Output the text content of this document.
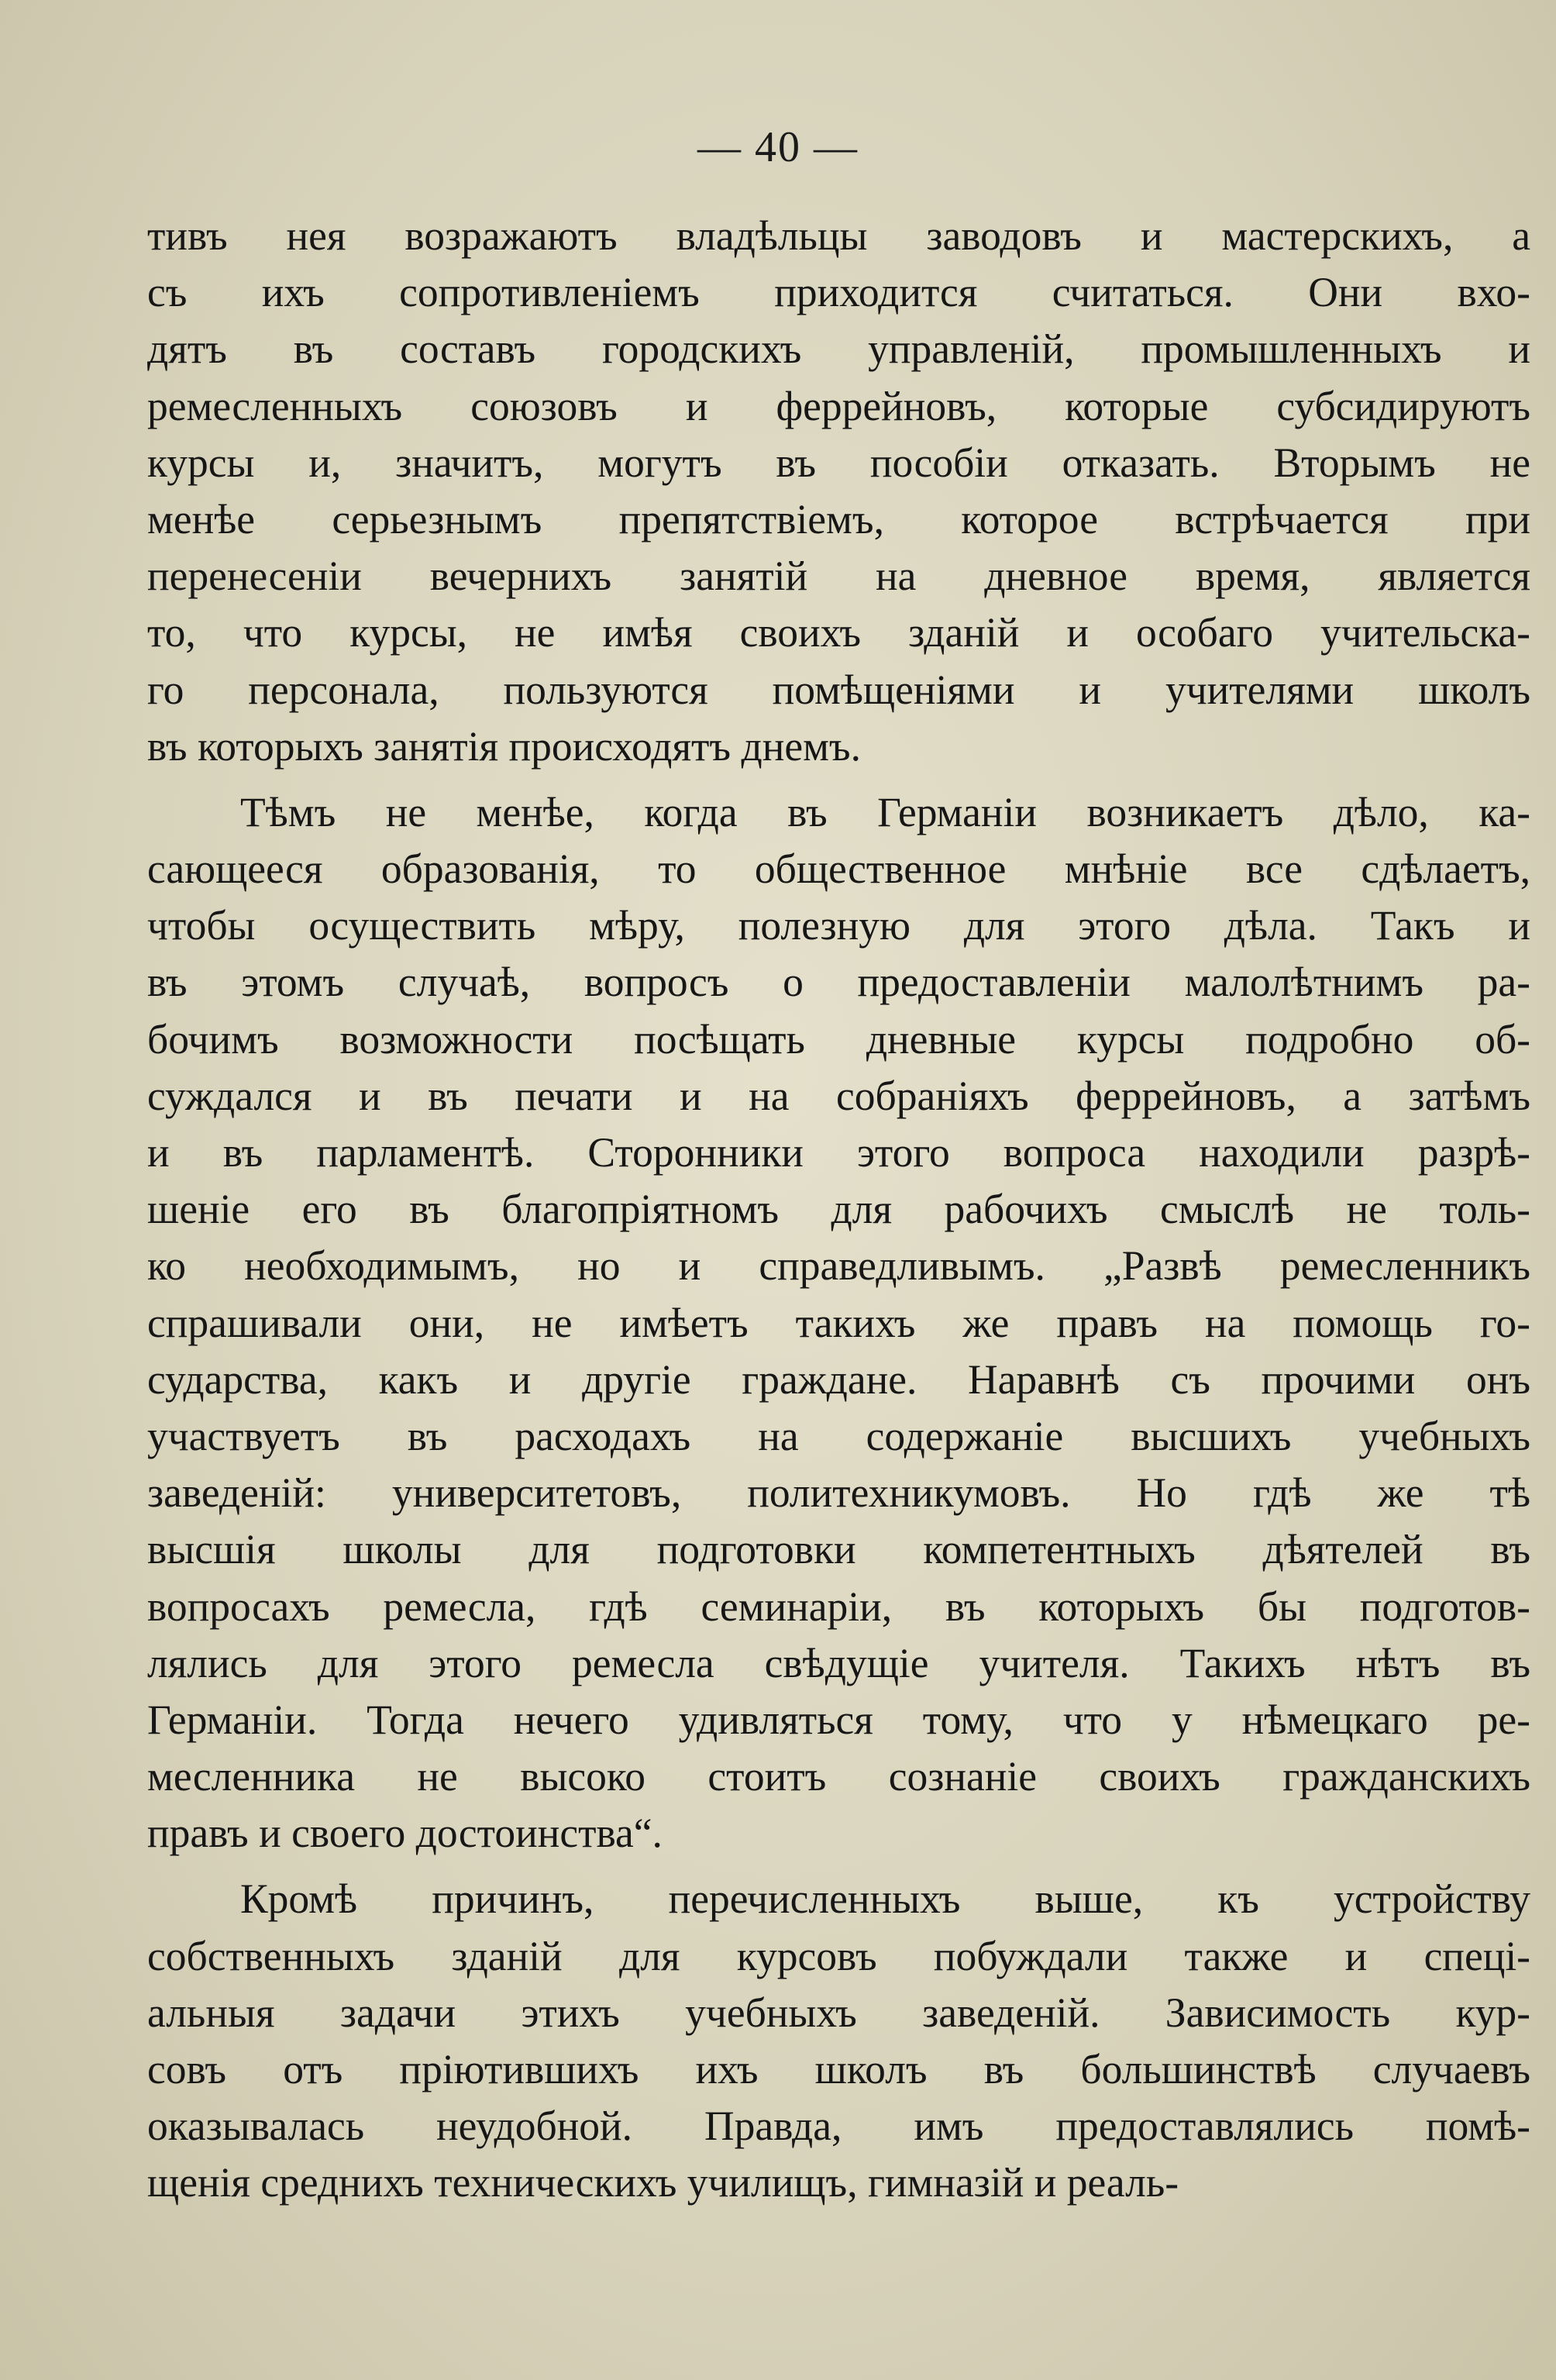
— 40 —
тивъ нея возражаютъ владѣльцы заводовъ и мастерскихъ, а
съ ихъ сопротивленіемъ приходится считаться. Они вхо-
дятъ въ составъ городскихъ управленій, промышленныхъ и
ремесленныхъ союзовъ и феррейновъ, которые субсидируютъ
курсы и, значитъ, могутъ въ пособіи отказать. Вторымъ не
менѣе серьезнымъ препятствіемъ, которое встрѣчается при
перенесеніи вечернихъ занятій на дневное время, является
то, что курсы, не имѣя своихъ зданій и особаго учительска-
го персонала, пользуются помѣщеніями и учителями школъ
въ которыхъ занятія происходятъ днемъ.
Тѣмъ не менѣе, когда въ Германіи возникаетъ дѣло, ка-
сающееся образованія, то общественное мнѣніе все сдѣлаетъ,
чтобы осуществить мѣру, полезную для этого дѣла. Такъ и
въ этомъ случаѣ, вопросъ о предоставленіи малолѣтнимъ ра-
бочимъ возможности посѣщать дневные курсы подробно об-
суждался и въ печати и на собраніяхъ феррейновъ, а затѣмъ
и въ парламентѣ. Сторонники этого вопроса находили разрѣ-
шеніе его въ благопріятномъ для рабочихъ смыслѣ не толь-
ко необходимымъ, но и справедливымъ. „Развѣ ремесленникъ
спрашивали они, не имѣетъ такихъ же правъ на помощь го-
сударства, какъ и другіе граждане. Наравнѣ съ прочими онъ
участвуетъ въ расходахъ на содержаніе высшихъ учебныхъ
заведеній: университетовъ, политехникумовъ. Но гдѣ же тѣ
высшія школы для подготовки компетентныхъ дѣятелей въ
вопросахъ ремесла, гдѣ семинаріи, въ которыхъ бы подготов-
лялись для этого ремесла свѣдущіе учителя. Такихъ нѣтъ въ
Германіи. Тогда нечего удивляться тому, что у нѣмецкаго ре-
месленника не высоко стоитъ сознаніе своихъ гражданскихъ
правъ и своего достоинства“.
Кромѣ причинъ, перечисленныхъ выше, къ устройству
собственныхъ зданій для курсовъ побуждали также и спеці-
альныя задачи этихъ учебныхъ заведеній. Зависимость кур-
совъ отъ пріютившихъ ихъ школъ въ большинствѣ случаевъ
оказывалась неудобной. Правда, имъ предоставлялись помѣ-
щенія среднихъ техническихъ училищъ, гимназій и реаль-
